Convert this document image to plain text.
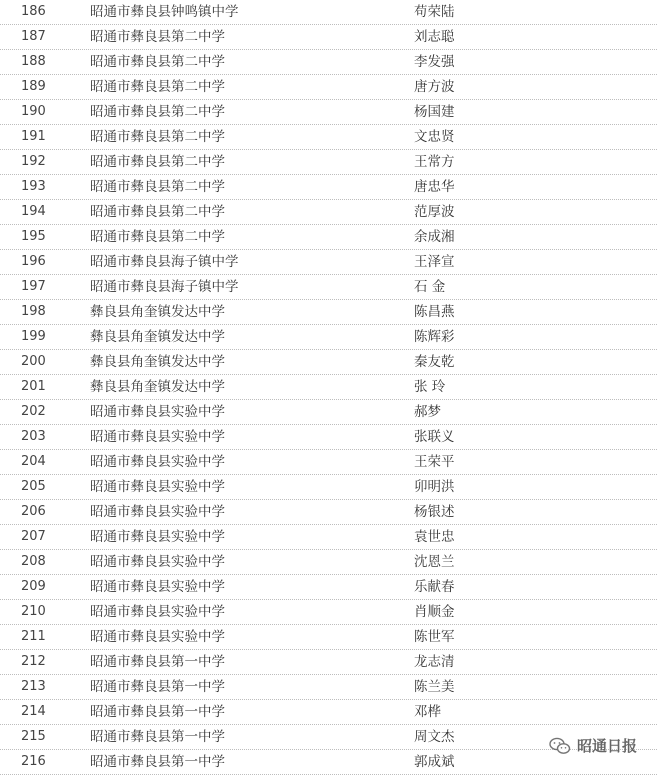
186	昭通市彝良县钟鸣镇中学	苟荣陆
187	昭通市彝良县第二中学	刘志聪
188	昭通市彝良县第二中学	李发强
189	昭通市彝良县第二中学	唐方波
190	昭通市彝良县第二中学	杨国建
191	昭通市彝良县第二中学	文忠贤
192	昭通市彝良县第二中学	王常方
193	昭通市彝良县第二中学	唐忠华
194	昭通市彝良县第二中学	范厚波
195	昭通市彝良县第二中学	余成湘
196	昭通市彝良县海子镇中学	王泽宣
197	昭通市彝良县海子镇中学	石 金
198	彝良县角奎镇发达中学	陈昌燕
199	彝良县角奎镇发达中学	陈辉彩
200	彝良县角奎镇发达中学	秦友乾
201	彝良县角奎镇发达中学	张 玲
202	昭通市彝良县实验中学	郝梦
203	昭通市彝良县实验中学	张联义
204	昭通市彝良县实验中学	王荣平
205	昭通市彝良县实验中学	卯明洪
206	昭通市彝良县实验中学	杨银述
207	昭通市彝良县实验中学	袁世忠
208	昭通市彝良县实验中学	沈恩兰
209	昭通市彝良县实验中学	乐献春
210	昭通市彝良县实验中学	肖顺金
211	昭通市彝良县实验中学	陈世军
212	昭通市彝良县第一中学	龙志清
213	昭通市彝良县第一中学	陈兰美
214	昭通市彝良县第一中学	邓桦
215	昭通市彝良县第一中学	周文杰
216	昭通市彝良县第一中学	郭成斌
昭通日报
